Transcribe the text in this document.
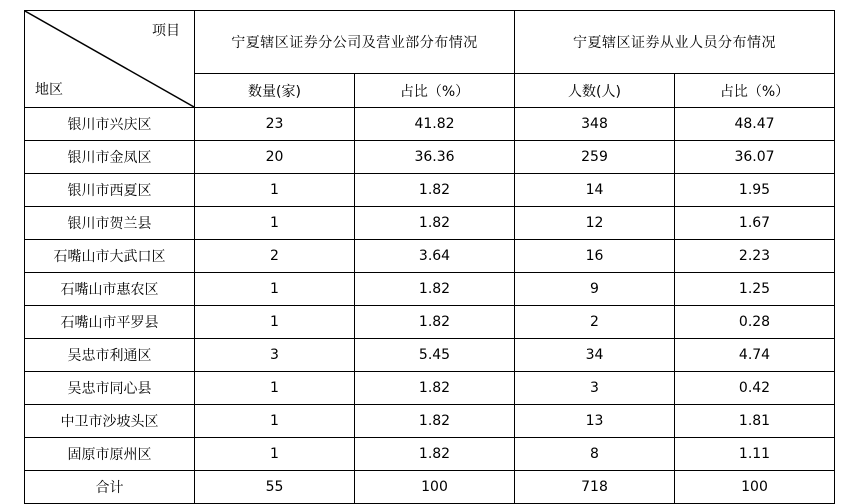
项目
地区	宁夏辖区证券分公司及营业部分布情况		宁夏辖区证券从业人员分布情况	
	数量(家)	占比（%）	人数(人)	占比（%）
银川市兴庆区	23	41.82	348	48.47
银川市金凤区	20	36.36	259	36.07
银川市西夏区	1	1.82	14	1.95
银川市贺兰县	1	1.82	12	1.67
石嘴山市大武口区	2	3.64	16	2.23
石嘴山市惠农区	1	1.82	9	1.25
石嘴山市平罗县	1	1.82	2	0.28
吴忠市利通区	3	5.45	34	4.74
吴忠市同心县	1	1.82	3	0.42
中卫市沙坡头区	1	1.82	13	1.81
固原市原州区	1	1.82	8	1.11
合计	55	100	718	100
